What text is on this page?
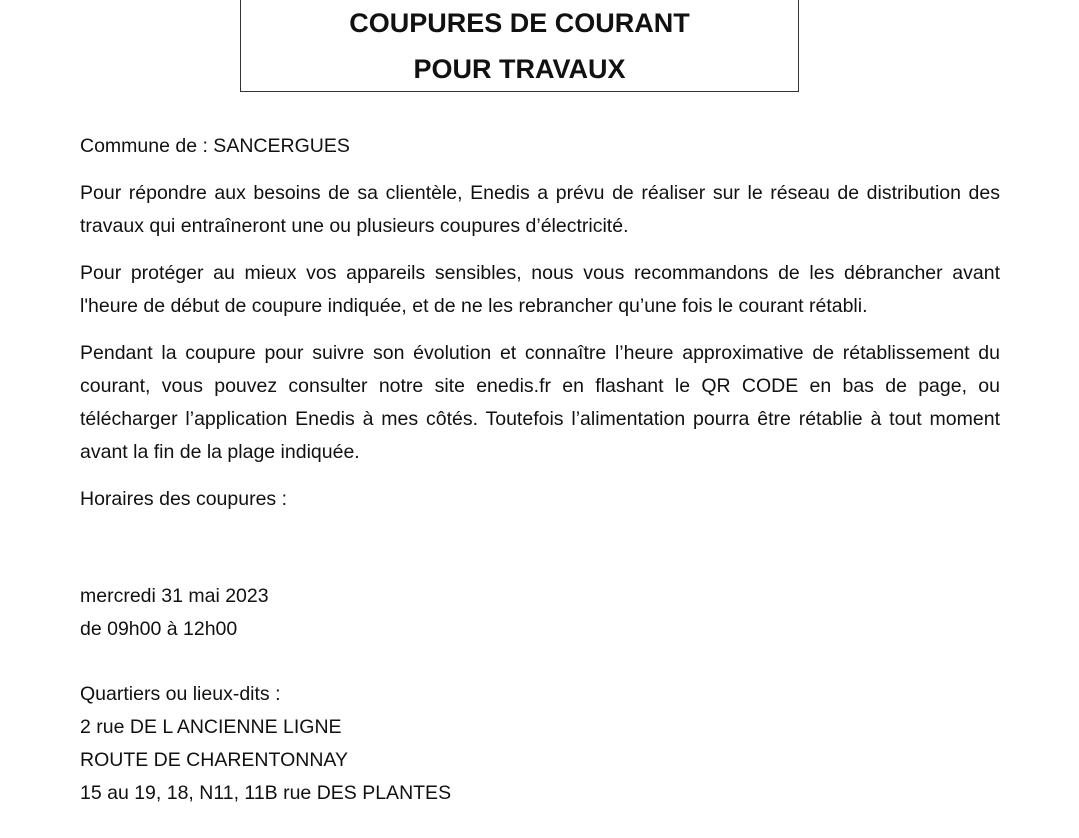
COUPURES DE COURANT
POUR TRAVAUX

Commune de : SANCERGUES

Pour répondre aux besoins de sa clientèle, Enedis a prévu de réaliser sur le réseau de distribution des travaux qui entraîneront une ou plusieurs coupures d’électricité.

Pour protéger au mieux vos appareils sensibles, nous vous recommandons de les débrancher avant l'heure de début de coupure indiquée, et de ne les rebrancher qu’une fois le courant rétabli.

Pendant la coupure pour suivre son évolution et connaître l’heure approximative de rétablissement du courant, vous pouvez consulter notre site enedis.fr en flashant le QR CODE en bas de page, ou télécharger l’application Enedis à mes côtés. Toutefois l’alimentation pourra être rétablie à tout moment avant la fin de la plage indiquée.

Horaires des coupures :

mercredi 31 mai 2023
de 09h00 à 12h00
Quartiers ou lieux-dits :
2 rue DE L ANCIENNE LIGNE
ROUTE DE CHARENTONNAY
15 au 19, 18, N11, 11B rue DES PLANTES
